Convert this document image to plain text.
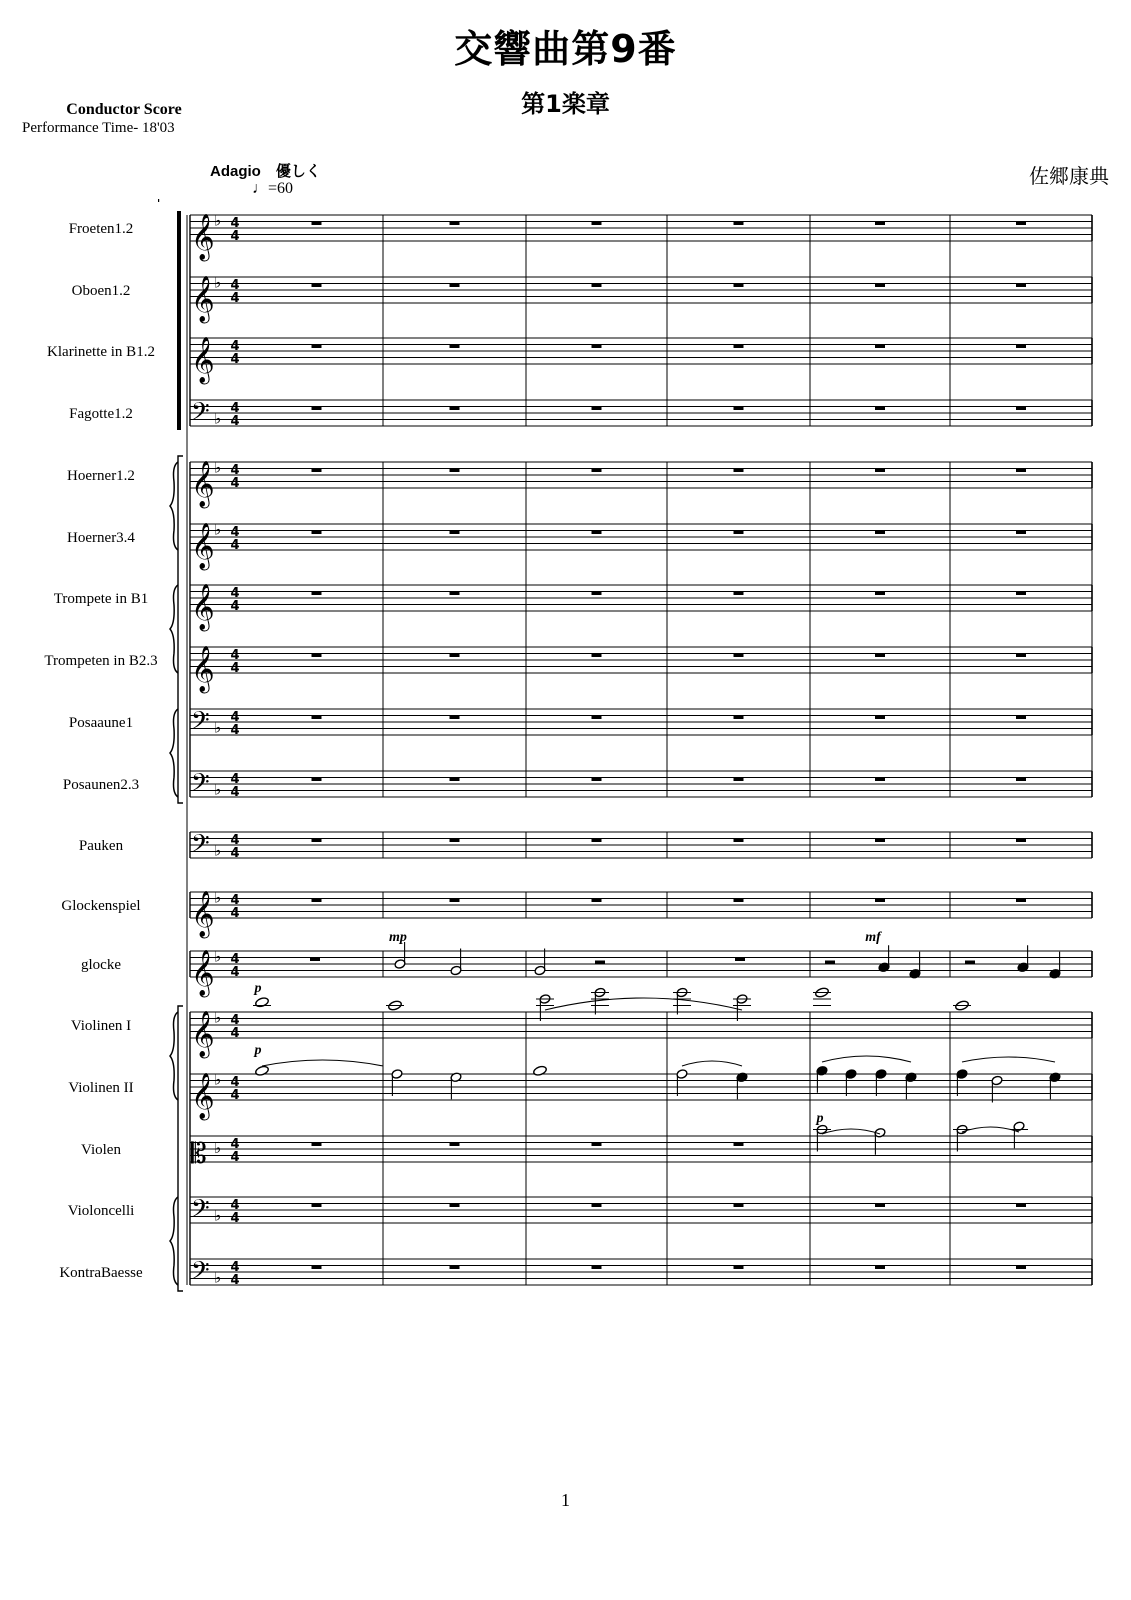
交響曲第9番
第1楽章
Conductor Score
Performance Time- 18'03
Adagio　優しく
♩=60
佐郷康典
Froeten1.2 𝄞 ♭ 4
4
Oboen1.2 𝄞 ♭ 4
4
Klarinette in B1.2 𝄞 4
4
Fagotte1.2 𝄢 ♭
4
4
Hoerner1.2 𝄞 ♭ 4
4
Hoerner3.4 𝄞 ♭ 4
4
Trompete in B1 𝄞 4
4
Trompeten in B2.3 𝄞 4
4
Posaaune1 𝄢 ♭
4
4
Posaunen2.3 𝄢 ♭
4
4
Pauken 𝄢 ♭
4
4
Glockenspiel 𝄞 ♭ 4
4
glocke 𝄞 ♭ 4
4
Violinen I 𝄞 ♭ 4
4
Violinen II 𝄞 ♭ 4
4
Violen	𝄡 ♭ 4
4
Violoncelli 𝄢 ♭
4
4
KontraBaesse 𝄢 ♭
4
4
mp	mf
p
p
p
1
